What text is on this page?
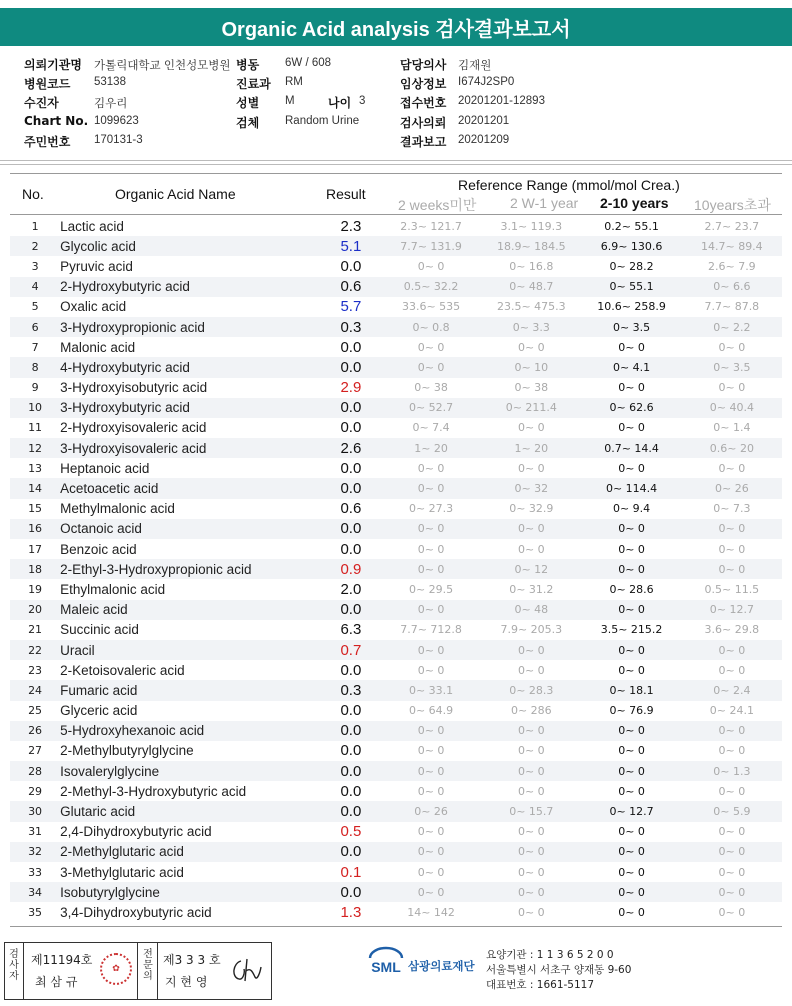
Organic Acid analysis 검사결과보고서
의뢰기관명 가톨릭대학교 인천성모병원 병동 6W / 608	담당의사 김재원
병원코드 53138	진료과 RM	임상정보 I674J2SP0
수진자	김우리	성별 M	나이 3	접수번호 20201201-12893
Chart No. 1099623	검체 Random Urine	검사의뢰 20201201
주민번호 170131-3	결과보고 20201209
No.	Organic Acid Name	Result
Reference Range (mmol/mol Crea.)
2 weeks미만 2 W-1 year 2-10 years 10years초과
1	Lactic acid	2.3	2.3~ 121.7	3.1~ 119.3	0.2~ 55.1	2.7~ 23.7
2	Glycolic acid	5.1	7.7~ 131.9	18.9~ 184.5	6.9~ 130.6	14.7~ 89.4
3	Pyruvic acid	0.0	0~ 0	0~ 16.8	0~ 28.2	2.6~ 7.9
4	2-Hydroxybutyric acid	0.6	0.5~ 32.2	0~ 48.7	0~ 55.1	0~ 6.6
5	Oxalic acid	5.7	33.6~ 535	23.5~ 475.3	10.6~ 258.9	7.7~ 87.8
6	3-Hydroxypropionic acid	0.3	0~ 0.8	0~ 3.3	0~ 3.5	0~ 2.2
7	Malonic acid	0.0	0~ 0	0~ 0	0~ 0	0~ 0
8	4-Hydroxybutyric acid	0.0	0~ 0	0~ 10	0~ 4.1	0~ 3.5
9	3-Hydroxyisobutyric acid	2.9	0~ 38	0~ 38	0~ 0	0~ 0
10	3-Hydroxybutyric acid	0.0	0~ 52.7	0~ 211.4	0~ 62.6	0~ 40.4
11	2-Hydroxyisovaleric acid	0.0	0~ 7.4	0~ 0	0~ 0	0~ 1.4
12	3-Hydroxyisovaleric acid	2.6	1~ 20	1~ 20	0.7~ 14.4	0.6~ 20
13	Heptanoic acid	0.0	0~ 0	0~ 0	0~ 0	0~ 0
14	Acetoacetic acid	0.0	0~ 0	0~ 32	0~ 114.4	0~ 26
15	Methylmalonic acid	0.6	0~ 27.3	0~ 32.9	0~ 9.4	0~ 7.3
16	Octanoic acid	0.0	0~ 0	0~ 0	0~ 0	0~ 0
17	Benzoic acid	0.0	0~ 0	0~ 0	0~ 0	0~ 0
18	2-Ethyl-3-Hydroxypropionic acid	0.9	0~ 0	0~ 12	0~ 0	0~ 0
19	Ethylmalonic acid	2.0	0~ 29.5	0~ 31.2	0~ 28.6	0.5~ 11.5
20	Maleic acid	0.0	0~ 0	0~ 48	0~ 0	0~ 12.7
21	Succinic acid	6.3	7.7~ 712.8	7.9~ 205.3	3.5~ 215.2	3.6~ 29.8
22	Uracil	0.7	0~ 0	0~ 0	0~ 0	0~ 0
23	2-Ketoisovaleric acid	0.0	0~ 0	0~ 0	0~ 0	0~ 0
24	Fumaric acid	0.3	0~ 33.1	0~ 28.3	0~ 18.1	0~ 2.4
25	Glyceric acid	0.0	0~ 64.9	0~ 286	0~ 76.9	0~ 24.1
26	5-Hydroxyhexanoic acid	0.0	0~ 0	0~ 0	0~ 0	0~ 0
27	2-Methylbutyrylglycine	0.0	0~ 0	0~ 0	0~ 0	0~ 0
28	Isovalerylglycine	0.0	0~ 0	0~ 0	0~ 0	0~ 1.3
29	2-Methyl-3-Hydroxybutyric acid	0.0	0~ 0	0~ 0	0~ 0	0~ 0
30	Glutaric acid	0.0	0~ 26	0~ 15.7	0~ 12.7	0~ 5.9
31	2,4-Dihydroxybutyric acid	0.5	0~ 0	0~ 0	0~ 0	0~ 0
32	2-Methylglutaric acid	0.0	0~ 0	0~ 0	0~ 0	0~ 0
33	3-Methylglutaric acid	0.1	0~ 0	0~ 0	0~ 0	0~ 0
34	Isobutyrylglycine	0.0	0~ 0	0~ 0	0~ 0	0~ 0
35	3,4-Dihydroxybutyric acid	1.3	14~ 142	0~ 0	0~ 0	0~ 0
검사자
제11194호
최 삼 규
✿
전문의
제3 3 3 호
지 현 영
SML 삼광의료재단
요양기관 : 1 1 3 6 5 2 0 0
서울특별시 서초구 양재동 9-60
대표번호 : 1661-5117
